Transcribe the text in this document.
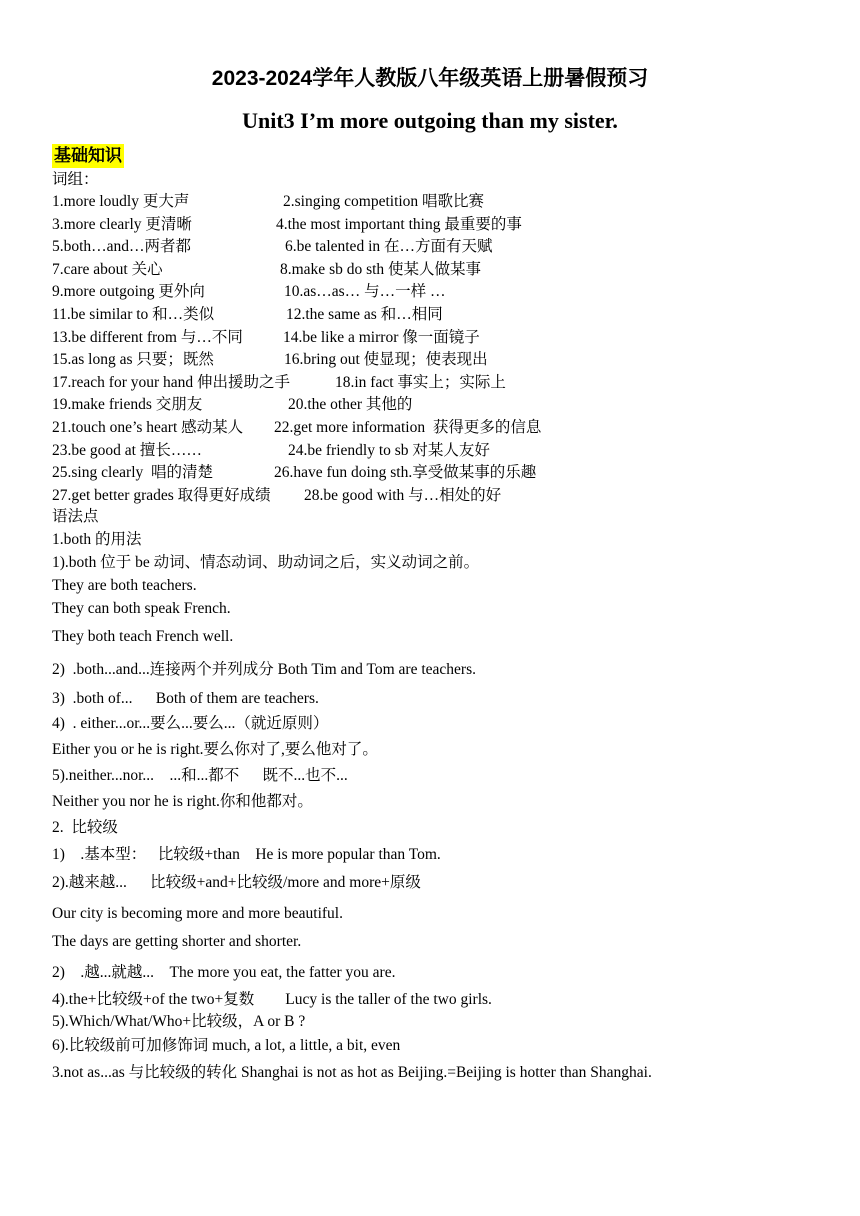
2023-2024学年人教版八年级英语上册暑假预习
Unit3 I’m more outgoing than my sister.
基础知识
词组：
1.more loudly 更大声	2.singing competition 唱歌比赛
3.more clearly 更清晰	4.the most important thing 最重要的事
5.both…and…两者都	6.be talented in 在…方面有天赋
7.care about 关心	8.make sb do sth 使某人做某事
9.more outgoing 更外向	10.as…as… 与…一样 …
11.be similar to 和…类似	12.the same as 和…相同
13.be different from 与…不同	14.be like a mirror 像一面镜子
15.as long as 只要；既然	16.bring out 使显现；使表现出
17.reach for your hand 伸出援助之手	18.in fact 事实上；实际上
19.make friends 交朋友	20.the other 其他的
21.touch one’s heart 感动某人 22.get more information  获得更多的信息
23.be good at 擅长……	24.be friendly to sb 对某人友好
25.sing clearly  唱的清楚	26.have fun doing sth.享受做某事的乐趣
27.get better grades 取得更好成绩 28.be good with 与…相处的好
语法点
1.both 的用法
1).both 位于 be 动词、情态动词、助动词之后，实义动词之前。
They are both teachers.
They can both speak French.
They both teach French well.
2)  .both...and...连接两个并列成分 Both Tim and Tom are teachers.
3)  .both of...      Both of them are teachers.
4)  . either...or...要么...要么...（就近原则）
Either you or he is right.要么你对了,要么他对了。
5).neither...nor...    ...和...都不      既不...也不...
Neither you nor he is right.你和他都对。
2.  比较级
1)    .基本型：   比较级+than    He is more popular than Tom.
2).越来越...      比较级+and+比较级/more and more+原级
Our city is becoming more and more beautiful.
The days are getting shorter and shorter.
2)    .越...就越...    The more you eat, the fatter you are.
4).the+比较级+of the two+复数        Lucy is the taller of the two girls.
5).Which/What/Who+比较级，A or B ?
6).比较级前可加修饰词 much, a lot, a little, a bit, even
3.not as...as 与比较级的转化 Shanghai is not as hot as Beijing.=Beijing is hotter than Shanghai.
